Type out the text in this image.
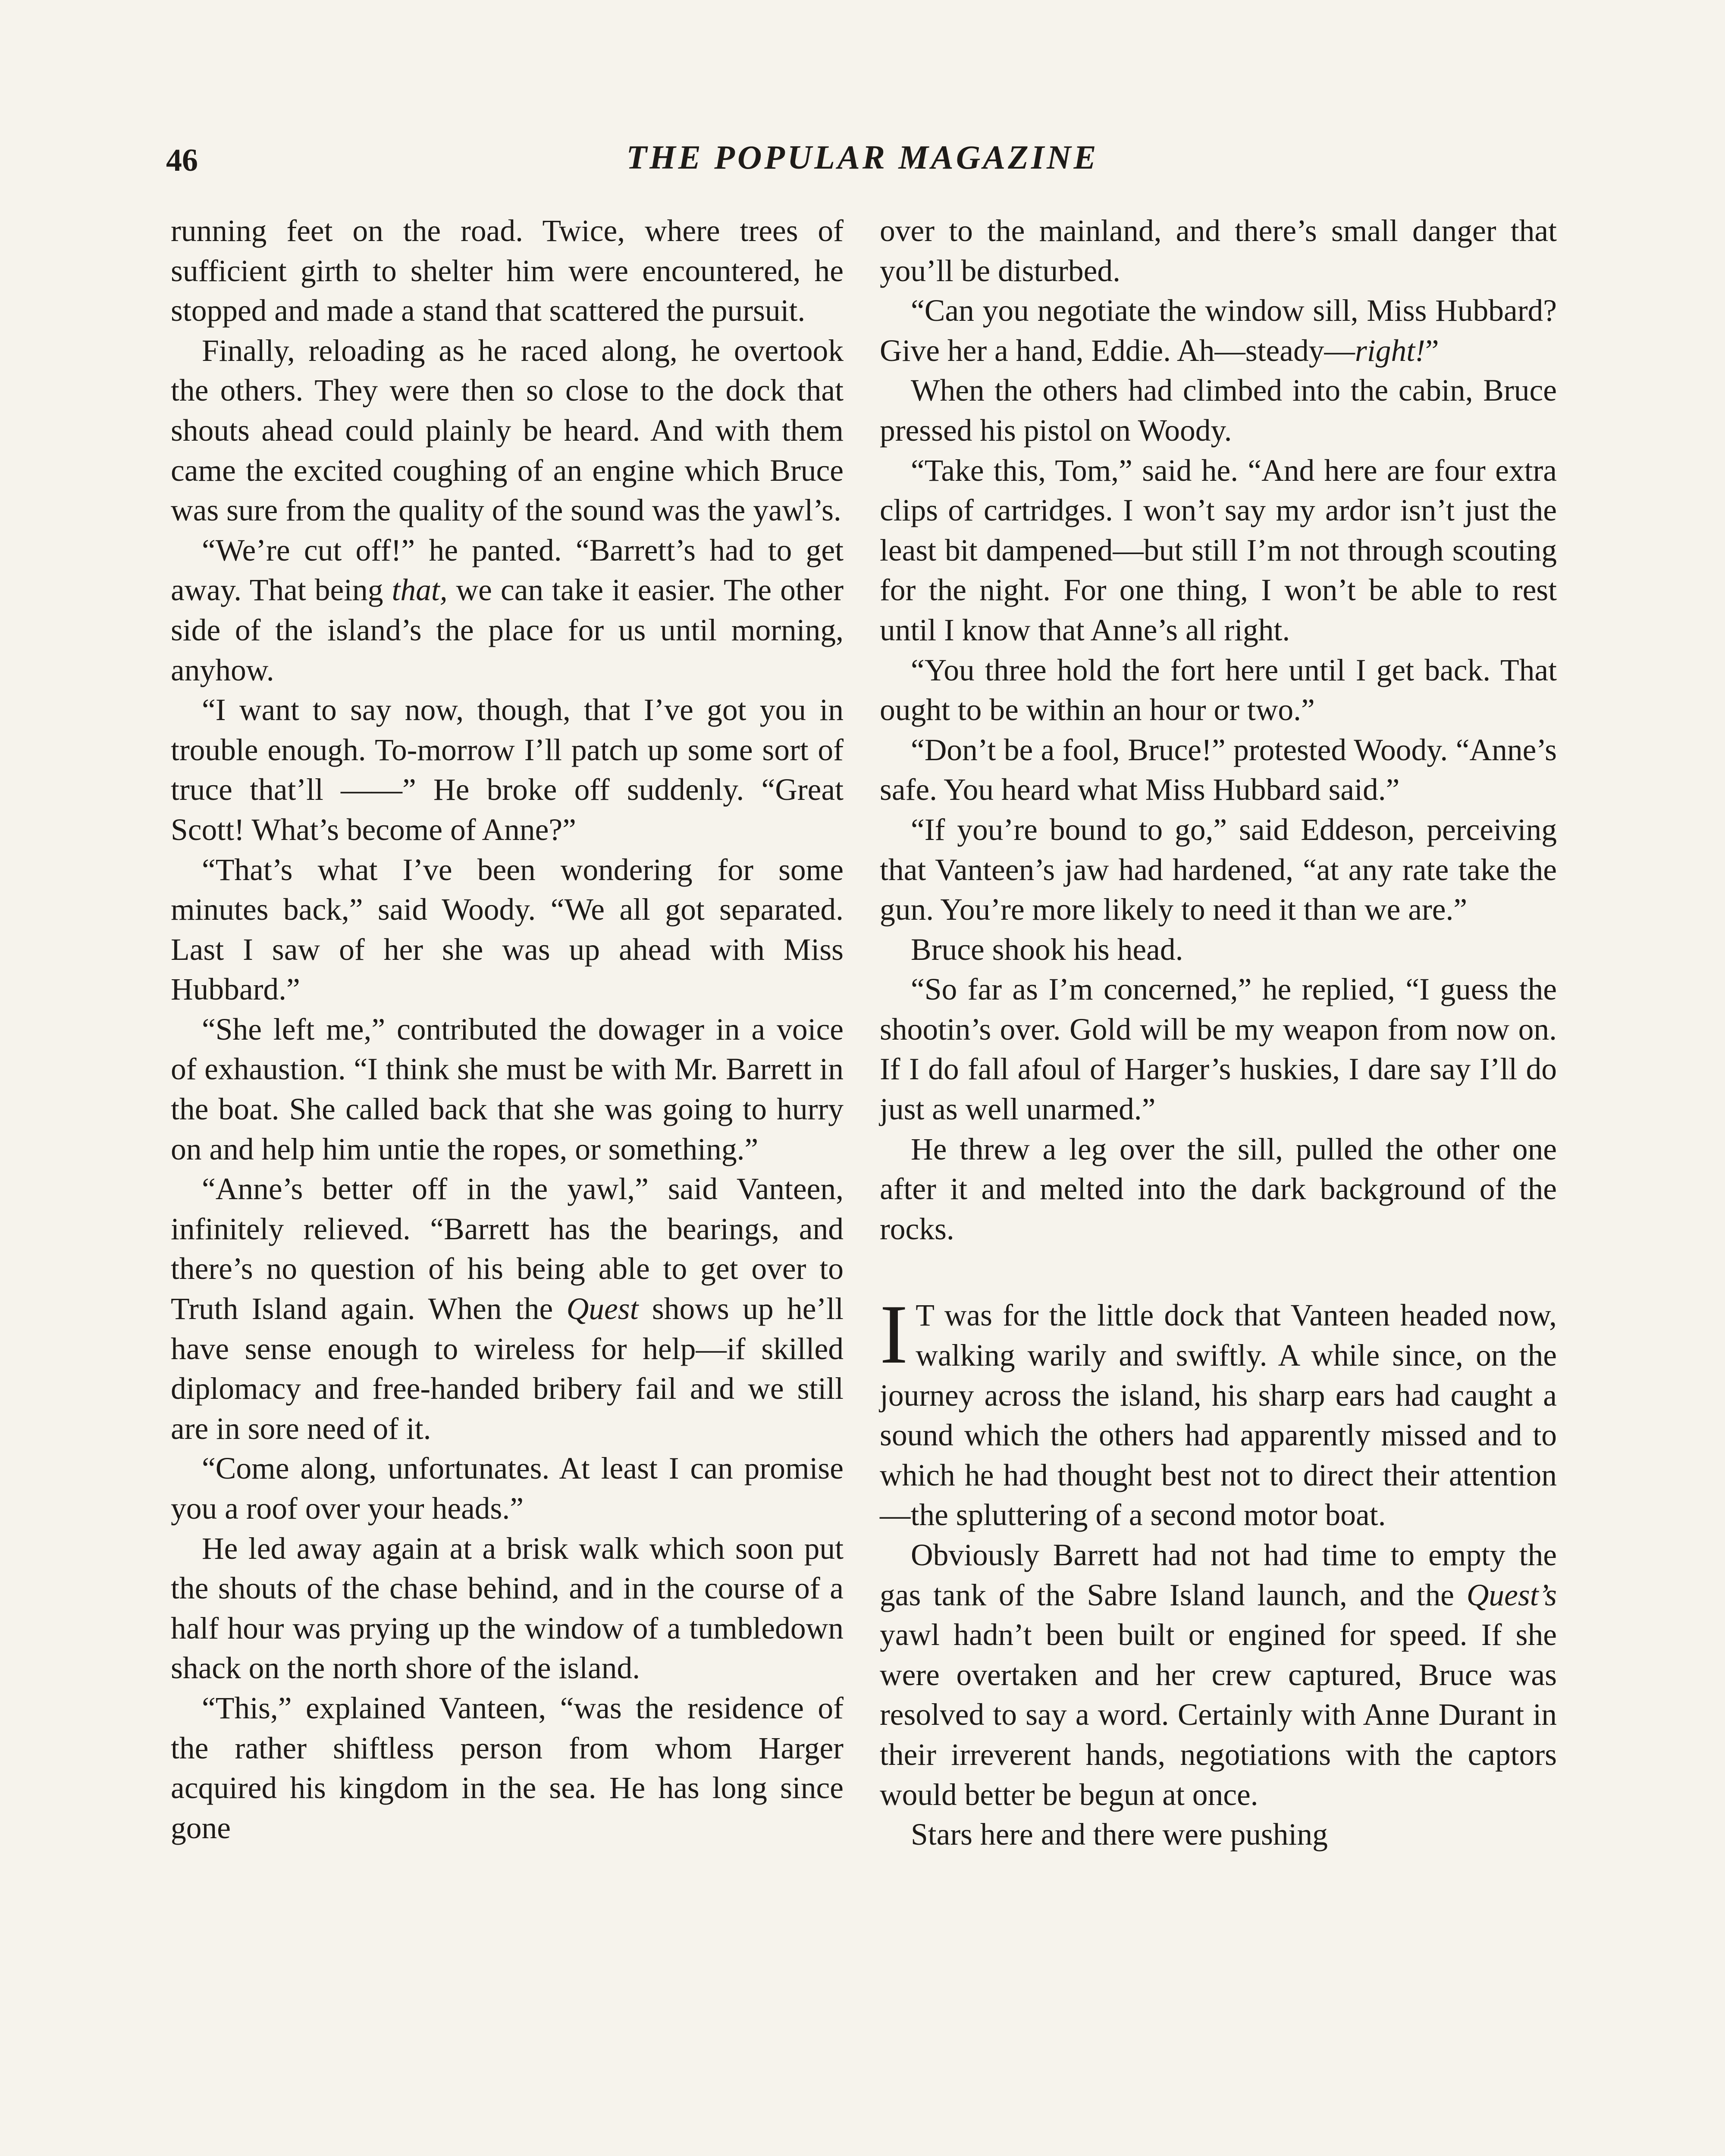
46	THE POPULAR MAGAZINE

running feet on the road. Twice, where trees of sufficient girth to shelter him were encountered, he stopped and made a stand that scattered the pursuit.

Finally, reloading as he raced along, he overtook the others. They were then so close to the dock that shouts ahead could plainly be heard. And with them came the excited coughing of an engine which Bruce was sure from the quality of the sound was the yawl’s.

“We’re cut off!” he panted. “Barrett’s had to get away. That being that, we can take it easier. The other side of the island’s the place for us until morning, anyhow.

“I want to say now, though, that I’ve got you in trouble enough. To-morrow I’ll patch up some sort of truce that’ll ——” He broke off suddenly. “Great Scott! What’s become of Anne?”

“That’s what I’ve been wondering for some minutes back,” said Woody. “We all got separated. Last I saw of her she was up ahead with Miss Hubbard.”

“She left me,” contributed the dowager in a voice of exhaustion. “I think she must be with Mr. Barrett in the boat. She called back that she was going to hurry on and help him untie the ropes, or something.”

“Anne’s better off in the yawl,” said Vanteen, infinitely relieved. “Barrett has the bearings, and there’s no question of his being able to get over to Truth Island again. When the Quest shows up he’ll have sense enough to wireless for help—if skilled diplomacy and free-handed bribery fail and we still are in sore need of it.

“Come along, unfortunates. At least I can promise you a roof over your heads.”

He led away again at a brisk walk which soon put the shouts of the chase behind, and in the course of a half hour was prying up the window of a tumbledown shack on the north shore of the island.

“This,” explained Vanteen, “was the residence of the rather shiftless person from whom Harger acquired his kingdom in the sea. He has long since gone

over to the mainland, and there’s small danger that you’ll be disturbed.

“Can you negotiate the window sill, Miss Hubbard? Give her a hand, Eddie. Ah—steady—right!”

When the others had climbed into the cabin, Bruce pressed his pistol on Woody.

“Take this, Tom,” said he. “And here are four extra clips of cartridges. I won’t say my ardor isn’t just the least bit dampened—but still I’m not through scouting for the night. For one thing, I won’t be able to rest until I know that Anne’s all right.

“You three hold the fort here until I get back. That ought to be within an hour or two.”

“Don’t be a fool, Bruce!” protested Woody. “Anne’s safe. You heard what Miss Hubbard said.”

“If you’re bound to go,” said Eddeson, perceiving that Vanteen’s jaw had hardened, “at any rate take the gun. You’re more likely to need it than we are.”

Bruce shook his head.

“So far as I’m concerned,” he replied, “I guess the shootin’s over. Gold will be my weapon from now on. If I do fall afoul of Harger’s huskies, I dare say I’ll do just as well unarmed.”

He threw a leg over the sill, pulled the other one after it and melted into the dark background of the rocks.

I T was for the little dock that Vanteen headed now, walking warily and swiftly. A while since, on the journey across the island, his sharp ears had caught a sound which the others had apparently missed and to which he had thought best not to direct their attention—the spluttering of a second motor boat.

Obviously Barrett had not had time to empty the gas tank of the Sabre Island launch, and the Quest’s yawl hadn’t been built or engined for speed. If she were overtaken and her crew captured, Bruce was resolved to say a word. Certainly with Anne Durant in their irreverent hands, negotiations with the captors would better be begun at once.

Stars here and there were pushing
